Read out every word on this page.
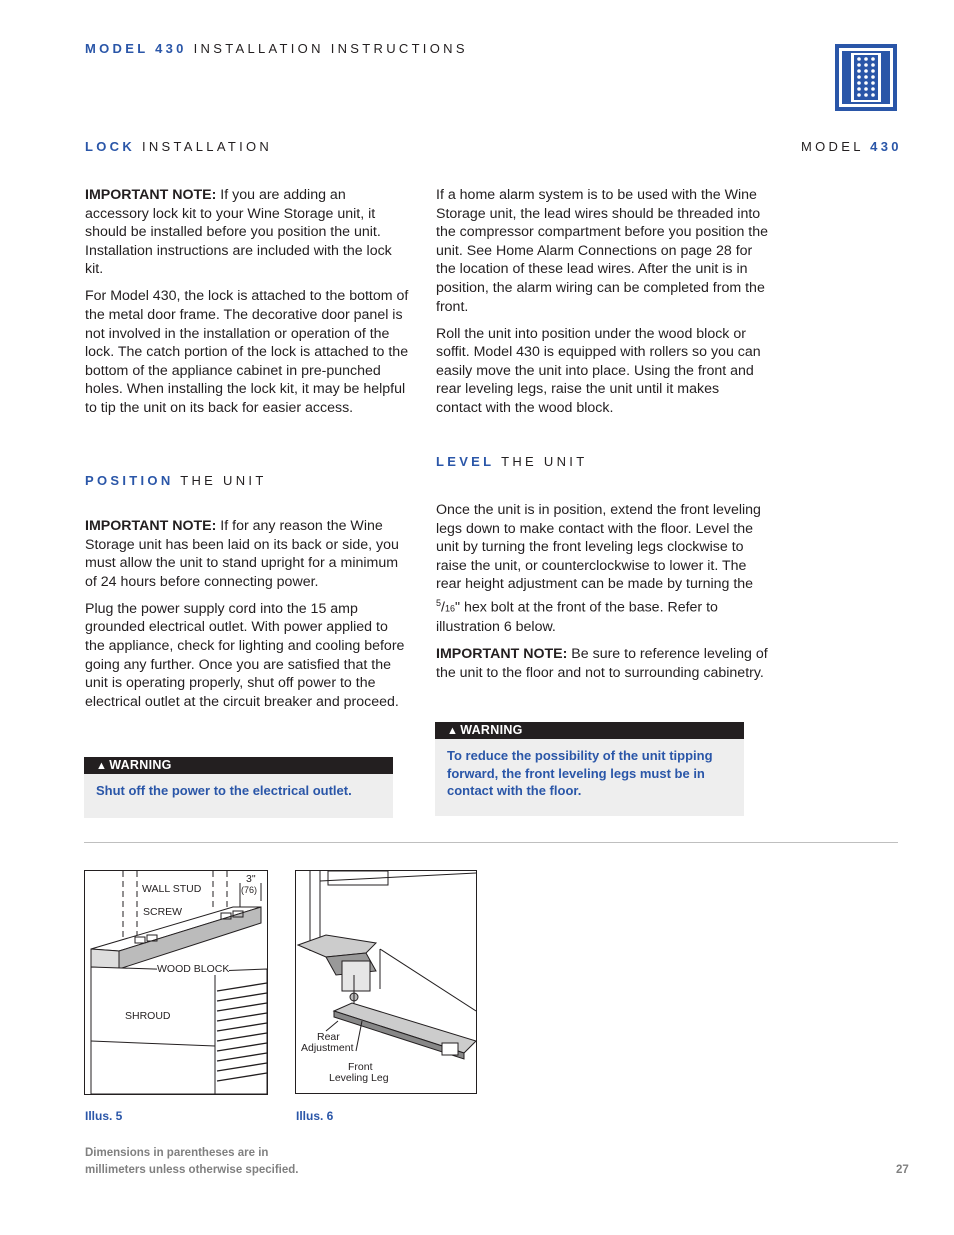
MODEL 430 INSTALLATION INSTRUCTIONS
LOCK INSTALLATION	MODEL 430

IMPORTANT NOTE: If you are adding an accessory lock kit to your Wine Storage unit, it should be installed before you position the unit. Installation instructions are included with the lock kit.

For Model 430, the lock is attached to the bottom of the metal door frame. The decorative door panel is not involved in the installation or operation of the lock. The catch portion of the lock is attached to the bottom of the appliance cabinet in pre-punched holes. When installing the lock kit, it may be helpful to tip the unit on its back for easier access.

POSITION THE UNIT

IMPORTANT NOTE: If for any reason the Wine Storage unit has been laid on its back or side, you must allow the unit to stand upright for a minimum of 24 hours before connecting power.

Plug the power supply cord into the 15 amp grounded electrical outlet. With power applied to the appliance, check for lighting and cooling before going any further. Once you are satisfied that the unit is operating properly, shut off power to the electrical outlet at the circuit breaker and proceed.

▲ WARNING
Shut off the power to the electrical outlet.

If a home alarm system is to be used with the Wine Storage unit, the lead wires should be threaded into the compressor compartment before you position the unit. See Home Alarm Connections on page 28 for the location of these lead wires. After the unit is in position, the alarm wiring can be completed from the front.

Roll the unit into position under the wood block or soffit. Model 430 is equipped with rollers so you can easily move the unit into place. Using the front and rear leveling legs, raise the unit until it makes contact with the wood block.

LEVEL THE UNIT

Once the unit is in position, extend the front leveling legs down to make contact with the floor. Level the unit by turning the front leveling legs clockwise to raise the unit, or counterclockwise to lower it. The rear height adjustment can be made by turning the $^5$/16" hex bolt at the front of the base. Refer to illustration 6 below.

IMPORTANT NOTE: Be sure to reference leveling of the unit to the floor and not to surrounding cabinetry.

▲ WARNING
To reduce the possibility of the unit tipping forward, the front leveling legs must be in contact with the floor.
3"
(76)
WALL STUD
SCREW
WOOD BLOCK
SHROUD
Illus. 5
Rear
Adjustment
Front
Leveling Leg
Illus. 6
Dimensions in parentheses are in
millimeters unless otherwise specified.	27
